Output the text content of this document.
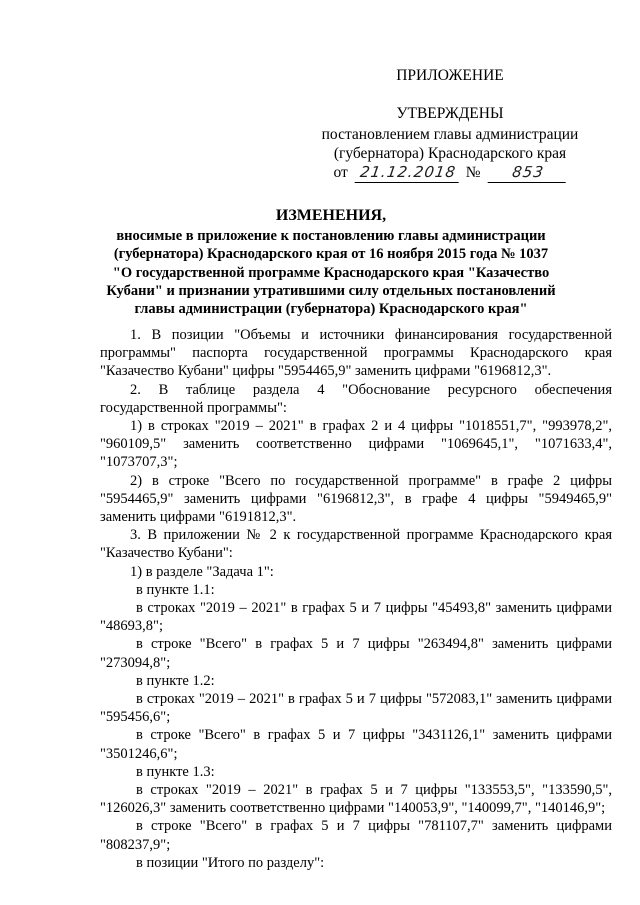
ПРИЛОЖЕНИЕ
УТВЕРЖДЕНЫ
постановлением главы администрации
(губернатора) Краснодарского края
от 21.12.2018 №	853
ИЗМЕНЕНИЯ,
вносимые в приложение к постановлению главы администрации
(губернатора) Краснодарского края от 16 ноября 2015 года № 1037
"О государственной программе Краснодарского края "Казачество
Кубани" и признании утратившими силу отдельных постановлений
главы администрации (губернатора) Краснодарского края"

1. В позиции "Объемы и источники финансирования государственной программы" паспорта государственной программы Краснодарского края "Казачество Кубани" цифры "5954465,9" заменить цифрами "6196812,3".

2. В таблице раздела 4 "Обоснование ресурсного обеспечения государственной программы":

1) в строках "2019 – 2021" в графах 2 и 4 цифры "1018551,7", "993978,2", "960109,5" заменить соответственно цифрами "1069645,1", "1071633,4", "1073707,3";

2) в строке "Всего по государственной программе" в графе 2 цифры "5954465,9" заменить цифрами "6196812,3", в графе 4 цифры "5949465,9" заменить цифрами "6191812,3".

3. В приложении № 2 к государственной программе Краснодарского края "Казачество Кубани":

1) в разделе "Задача 1":

в пункте 1.1:

в строках "2019 – 2021" в графах 5 и 7 цифры "45493,8" заменить цифрами "48693,8";

в строке "Всего" в графах 5 и 7 цифры "263494,8" заменить цифрами "273094,8";

в пункте 1.2:

в строках "2019 – 2021" в графах 5 и 7 цифры "572083,1" заменить цифрами "595456,6";

в строке "Всего" в графах 5 и 7 цифры "3431126,1" заменить цифрами "3501246,6";

в пункте 1.3:

в строках "2019 – 2021" в графах 5 и 7 цифры "133553,5", "133590,5", "126026,3" заменить соответственно цифрами "140053,9", "140099,7", "140146,9";

в строке "Всего" в графах 5 и 7 цифры "781107,7" заменить цифрами "808237,9";

в позиции "Итого по разделу":
